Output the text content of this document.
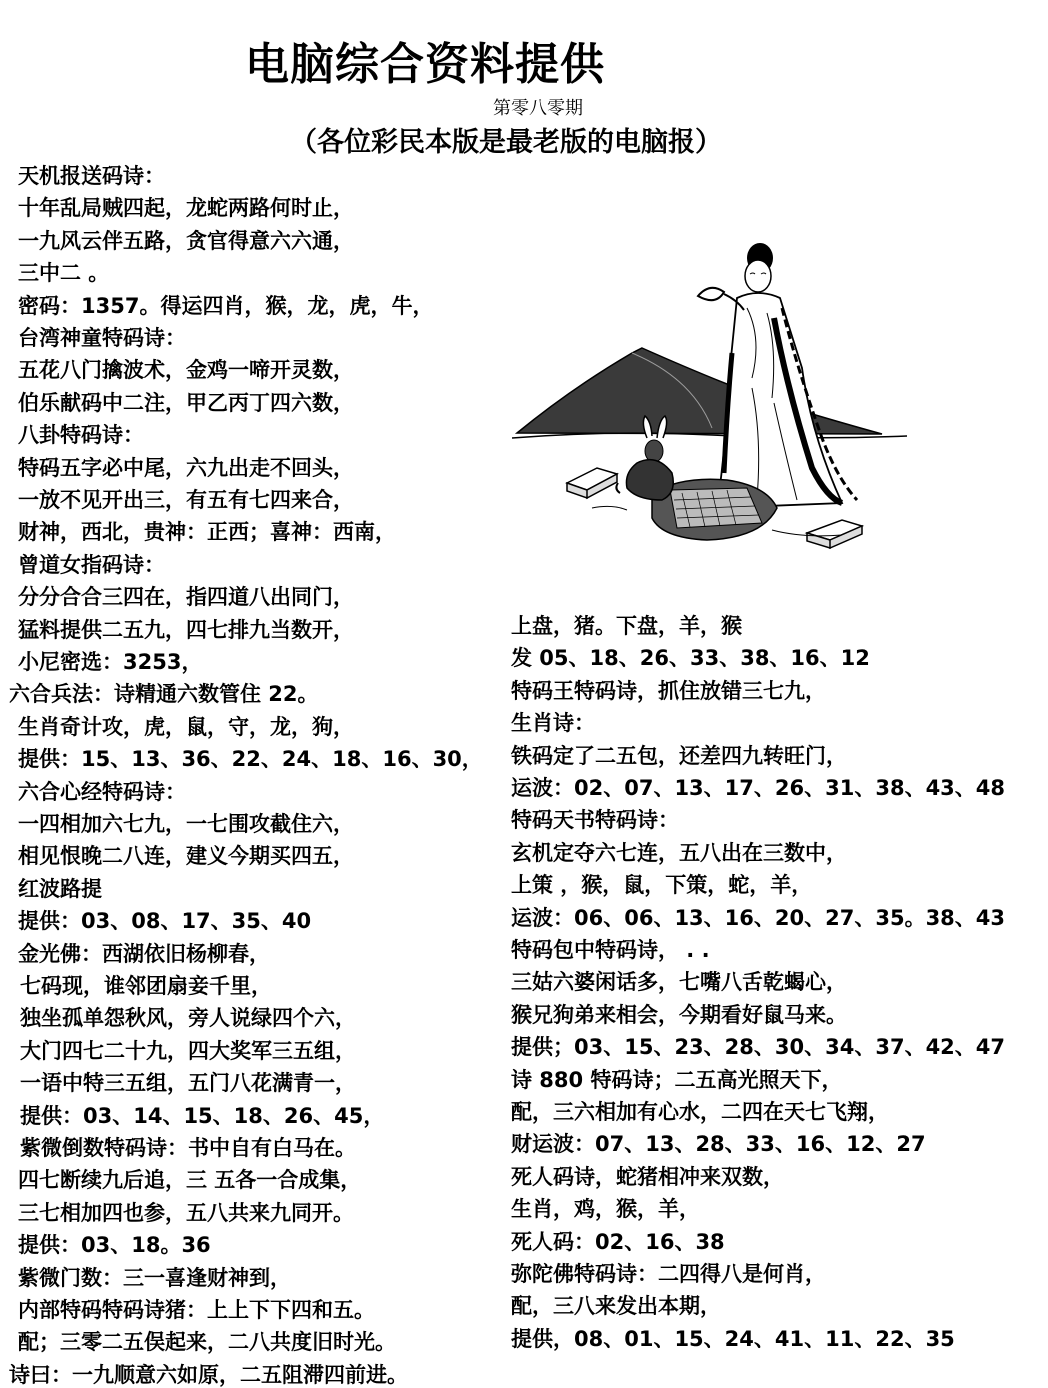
电脑综合资料提供
第零八零期
（各位彩民本版是最老版的电脑报）
天机报送码诗：
十年乱局贼四起，龙蛇两路何时止，
一九风云伴五路，贪官得意六六通，
三中二 。
密码：1357。得运四肖，猴，龙，虎，牛，
台湾神童特码诗：
五花八门擒波术，金鸡一啼开灵数，
伯乐献码中二注，甲乙丙丁四六数，
八卦特码诗：
特码五字必中尾，六九出走不回头，
一放不见开出三，有五有七四来合，
财神，西北，贵神：正西；喜神：西南，
曾道女指码诗：
分分合合三四在，指四道八出同门，
猛料提供二五九，四七排九当数开，
小尼密选：3253，
六合兵法：诗精通六数管住 22。
生肖奇计攻，虎，鼠，守，龙，狗，
提供：15、13、36、22、24、18、16、30，
六合心经特码诗：
一四相加六七九，一七围攻截住六，
相见恨晚二八连，建义今期买四五，
红波路提
提供：03、08、17、35、40
金光佛：西湖依旧杨柳春，
七码现，谁邻团扇妾千里，
独坐孤单怨秋风，旁人说绿四个六，
大门四七二十九，四大奖军三五组，
一语中特三五组，五门八花满青一，
提供：03、14、15、18、26、45，
紫微倒数特码诗：书中自有白马在。
四七断续九后追，三 五各一合成集，
三七相加四也参，五八共来九同开。
提供：03、18。36
紫微门数：三一喜逢财神到，
内部特码特码诗猪：上上下下四和五。
配；三零二五俣起来，二八共度旧时光。
诗曰：一九顺意六如原，二五阻滞四前进。
上盘，猪。下盘，羊，猴
发 05、18、26、33、38、16、12
特码王特码诗，抓住放错三七九，
生肖诗：
铁码定了二五包，还差四九转旺门，
运波：02、07、13、17、26、31、38、43、48
特码天书特码诗：
玄机定夺六七连，五八出在三数中，
上策 ，猴，鼠，下策，蛇，羊，
运波：06、06、13、16、20、27、35。38、43
特码包中特码诗， . .
三姑六婆闲话多，七嘴八舌乾蝎心，
猴兄狗弟来相会，今期看好鼠马来。
提供；03、15、23、28、30、34、37、42、47
诗 880 特码诗；二五高光照天下，
配，三六相加有心水，二四在天七飞翔，
财运波：07、13、28、33、16、12、27
死人码诗，蛇猪相冲来双数，
生肖，鸡，猴，羊，
死人码：02、16、38
弥陀佛特码诗：二四得八是何肖，
配，三八来发出本期，
提供，08、01、15、24、41、11、22、35
